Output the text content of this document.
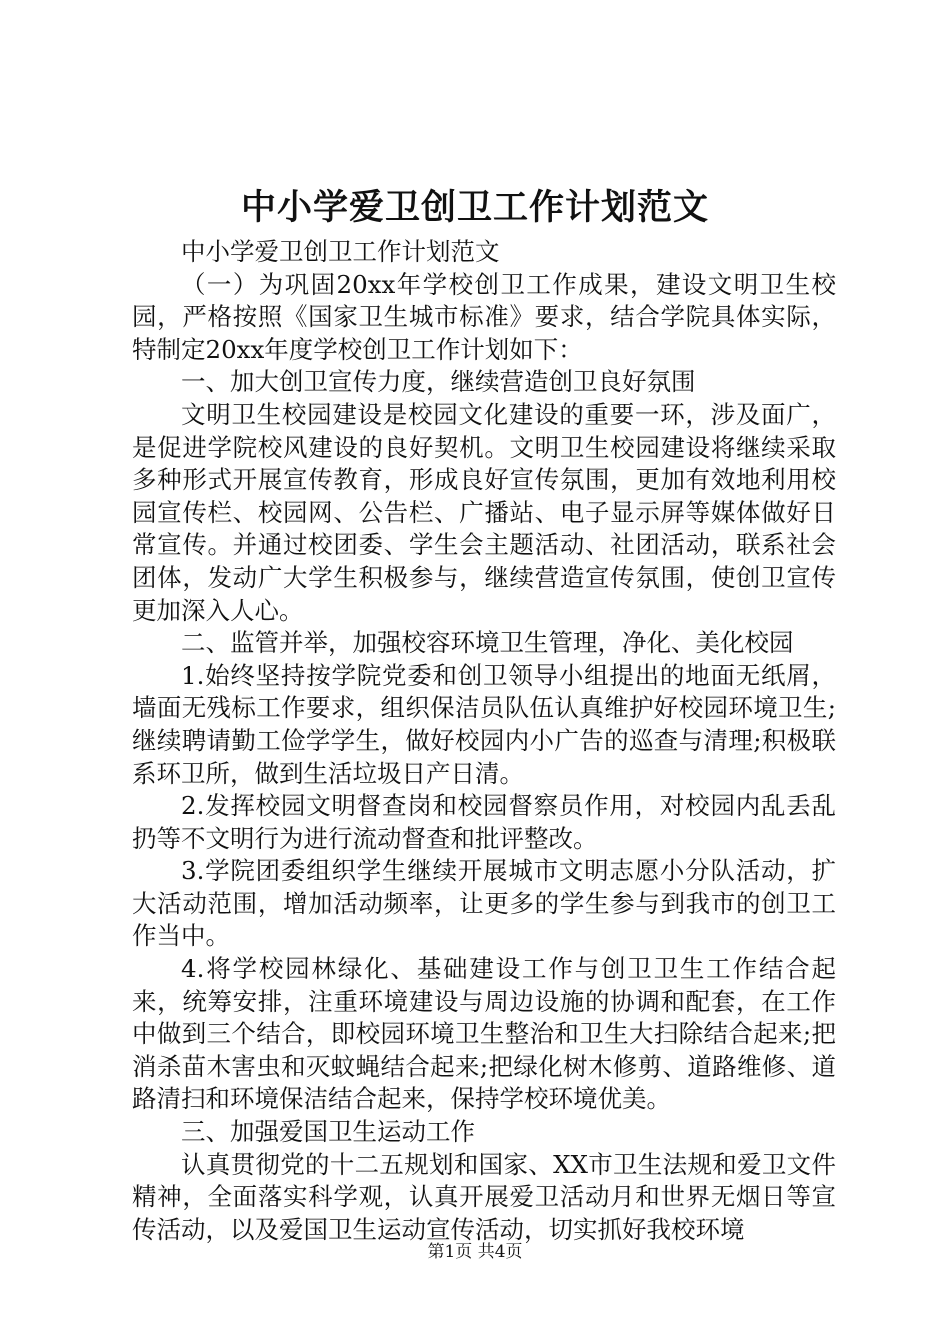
中小学爱卫创卫工作计划范文

中小学爱卫创卫工作计划范文

（一）为巩固20xx年学校创卫工作成果，建设文明卫生校园，严格按照《国家卫生城市标准》要求，结合学院具体实际，特制定20xx年度学校创卫工作计划如下：

一、加大创卫宣传力度，继续营造创卫良好氛围

文明卫生校园建设是校园文化建设的重要一环，涉及面广，是促进学院校风建设的良好契机。文明卫生校园建设将继续采取多种形式开展宣传教育，形成良好宣传氛围，更加有效地利用校园宣传栏、校园网、公告栏、广播站、电子显示屏等媒体做好日常宣传。并通过校团委、学生会主题活动、社团活动，联系社会团体，发动广大学生积极参与，继续营造宣传氛围，使创卫宣传更加深入人心。

二、监管并举，加强校容环境卫生管理，净化、美化校园

1.始终坚持按学院党委和创卫领导小组提出的地面无纸屑，墙面无残标工作要求，组织保洁员队伍认真维护好校园环境卫生;继续聘请勤工俭学学生，做好校园内小广告的巡查与清理;积极联系环卫所，做到生活垃圾日产日清。

2.发挥校园文明督查岗和校园督察员作用，对校园内乱丢乱扔等不文明行为进行流动督查和批评整改。

3.学院团委组织学生继续开展城市文明志愿小分队活动，扩大活动范围，增加活动频率，让更多的学生参与到我市的创卫工作当中。

4.将学校园林绿化、基础建设工作与创卫卫生工作结合起来，统筹安排，注重环境建设与周边设施的协调和配套，在工作中做到三个结合，即校园环境卫生整治和卫生大扫除结合起来;把消杀苗木害虫和灭蚊蝇结合起来;把绿化树木修剪、道路维修、道路清扫和环境保洁结合起来，保持学校环境优美。

三、加强爱国卫生运动工作

认真贯彻党的十二五规划和国家、XX市卫生法规和爱卫文件精神，全面落实科学观，认真开展爱卫活动月和世界无烟日等宣传活动，以及爱国卫生运动宣传活动，切实抓好我校环境

第1页 共4页
